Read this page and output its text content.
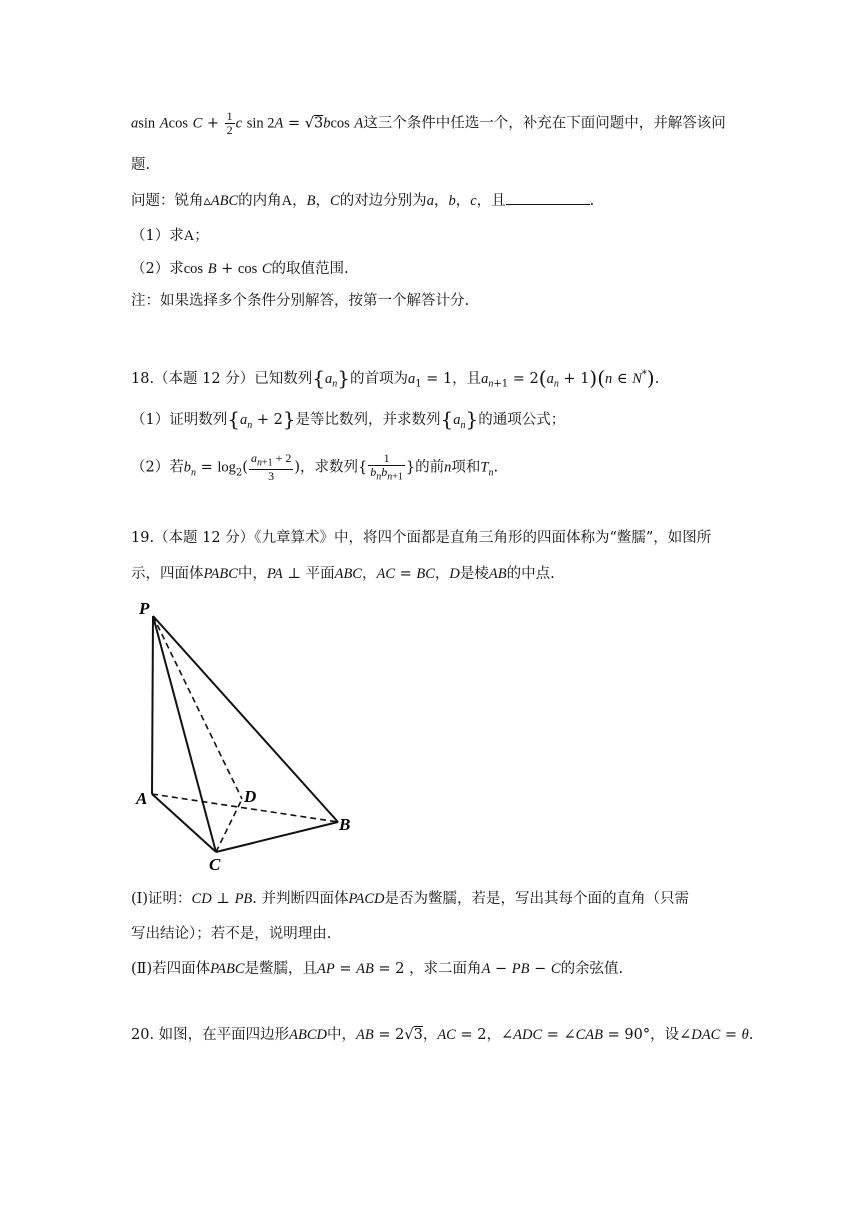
asin Acos $C + \frac{1}{2}$ c sin 2A = √3bcos A这三个条件中任选一个，补充在下面问题中，并解答该问
题.
问题：锐角▵ABC的内角A，B，C的对边分别为a，b，c，且	.
（1）求A；
（2）求cos B + cos C的取值范围.
注：如果选择多个条件分别解答，按第一个解答计分.
18.（本题 12 分）已知数列$\{a_n\}$的首项为$a_1 = 1$，且$a_{n+1} = 2(a_n + 1)(n$ ∈ N*).
（1）证明数列$\{a_n + 2\}$是等比数列，并求数列$\{a_n\}$的通项公式；
（2）若$b_n = \log_2( \frac{a_{n+1} + 2}{3}$ )，求数列{ $\frac{1}{b_nb_{n+1}}$ }的前n项和$T_n$.
19.（本题 12 分）《九章算术》中，将四个面都是直角三角形的四面体称为“鳖臑”，如图所
示，四面体PABC中，PA ⊥ 平面ABC，AC = BC，D是棱AB的中点.
P
A	D
B
C
(I)证明：CD ⊥ PB. 并判断四面体PACD是否为鳖臑，若是，写出其每个面的直角（只需
写出结论）；若不是，说明理由.
(Ⅱ)若四面体PABC是鳖臑，且AP = AB = 2 ，求二面角A − PB − C的余弦值.
20. 如图，在平面四边形ABCD中，AB = 2√3，AC = 2，∠ADC = ∠CAB = 90°，设∠DAC = θ.
